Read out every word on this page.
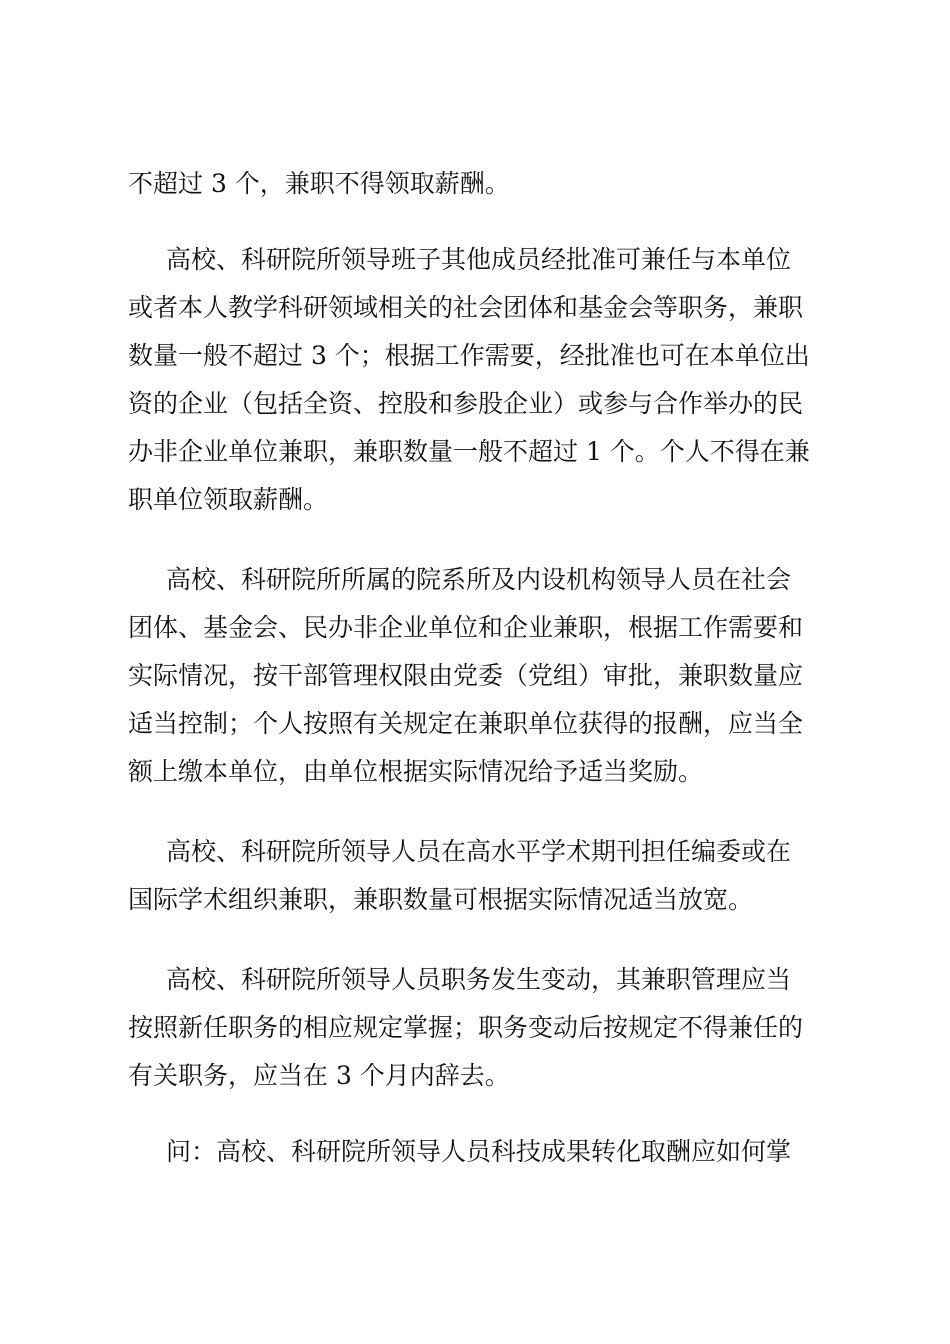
不超过 3 个，兼职不得领取薪酬。
高校、科研院所领导班子其他成员经批准可兼任与本单位
或者本人教学科研领域相关的社会团体和基金会等职务，兼职
数量一般不超过 3 个；根据工作需要，经批准也可在本单位出
资的企业（包括全资、控股和参股企业）或参与合作举办的民
办非企业单位兼职，兼职数量一般不超过 1 个。个人不得在兼
职单位领取薪酬。
高校、科研院所所属的院系所及内设机构领导人员在社会
团体、基金会、民办非企业单位和企业兼职，根据工作需要和
实际情况，按干部管理权限由党委（党组）审批，兼职数量应
适当控制；个人按照有关规定在兼职单位获得的报酬，应当全
额上缴本单位，由单位根据实际情况给予适当奖励。
高校、科研院所领导人员在高水平学术期刊担任编委或在
国际学术组织兼职，兼职数量可根据实际情况适当放宽。
高校、科研院所领导人员职务发生变动，其兼职管理应当
按照新任职务的相应规定掌握；职务变动后按规定不得兼任的
有关职务，应当在 3 个月内辞去。
问：高校、科研院所领导人员科技成果转化取酬应如何掌
